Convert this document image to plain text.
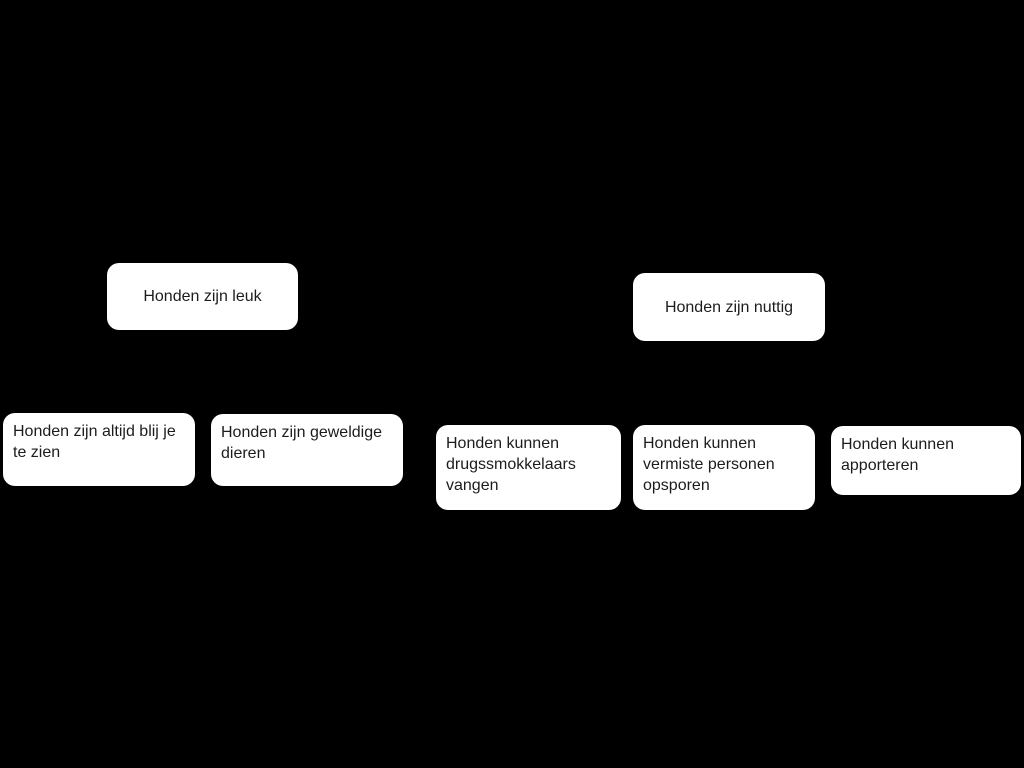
Honden zijn leuk
Honden zijn nuttig
Honden zijn altijd blij je te zien
Honden zijn geweldige dieren
Honden kunnen drugssmokkelaars vangen
Honden kunnen vermiste personen opsporen
Honden kunnen apporteren
